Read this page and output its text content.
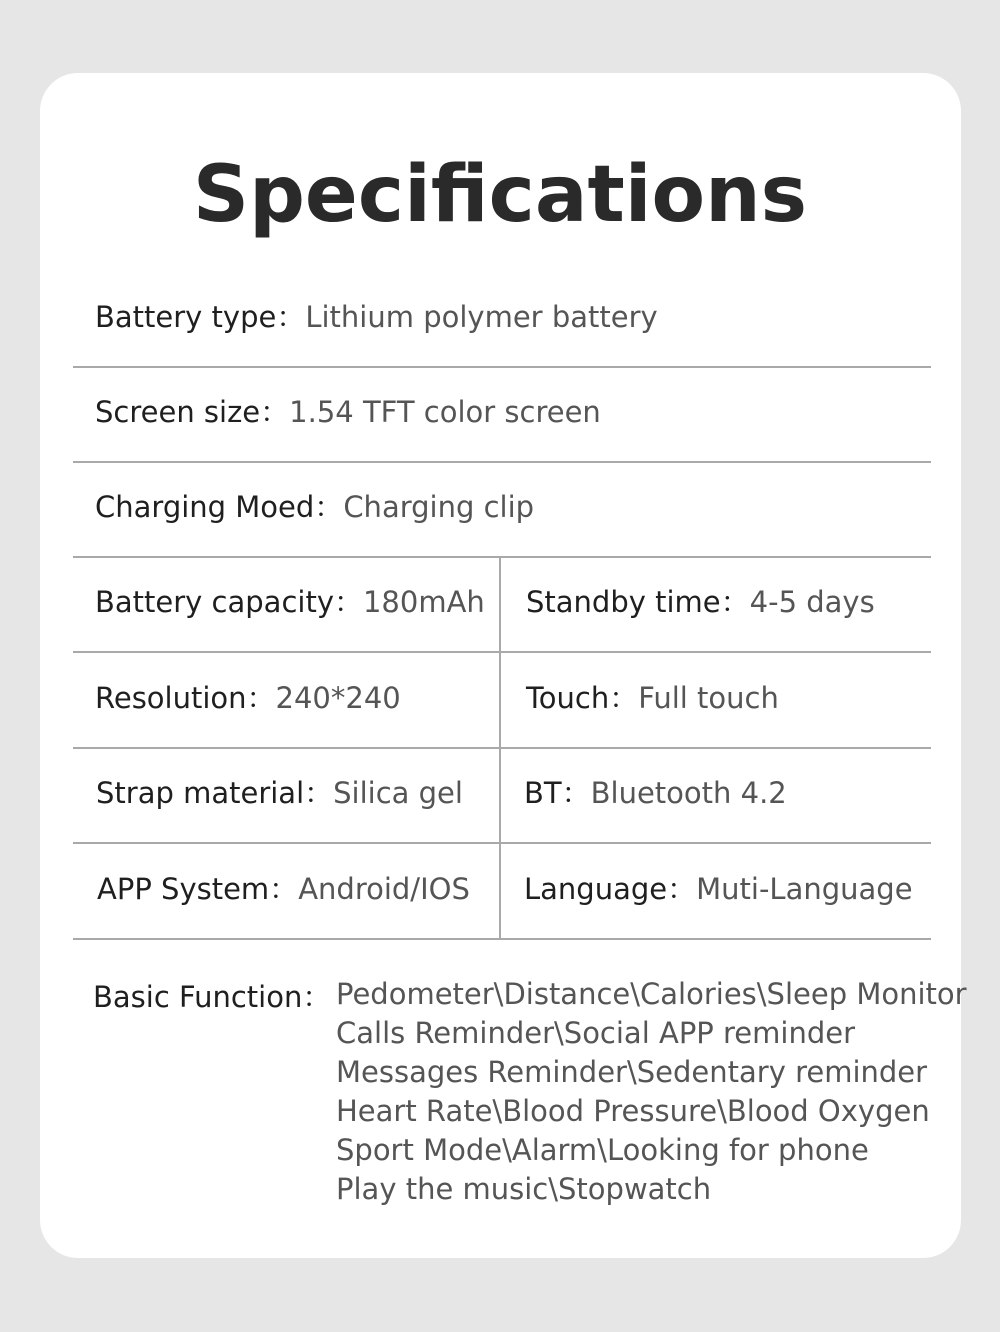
Specifications
Battery type：Lithium polymer battery
Screen size：1.54 TFT color screen
Charging Moed：Charging clip
Battery capacity：180mAh Standby time：4-5 days
Resolution：240*240	Touch：Full touch
Strap material：Silica gel BT：Bluetooth 4.2
APP System：Android/IOS Language：Muti-Language
Basic Function： Pedometer\Distance\Calories\Sleep Monitor
Calls Reminder\Social APP reminder
Messages Reminder\Sedentary reminder
Heart Rate\Blood Pressure\Blood Oxygen
Sport Mode\Alarm\Looking for phone
Play the music\Stopwatch
